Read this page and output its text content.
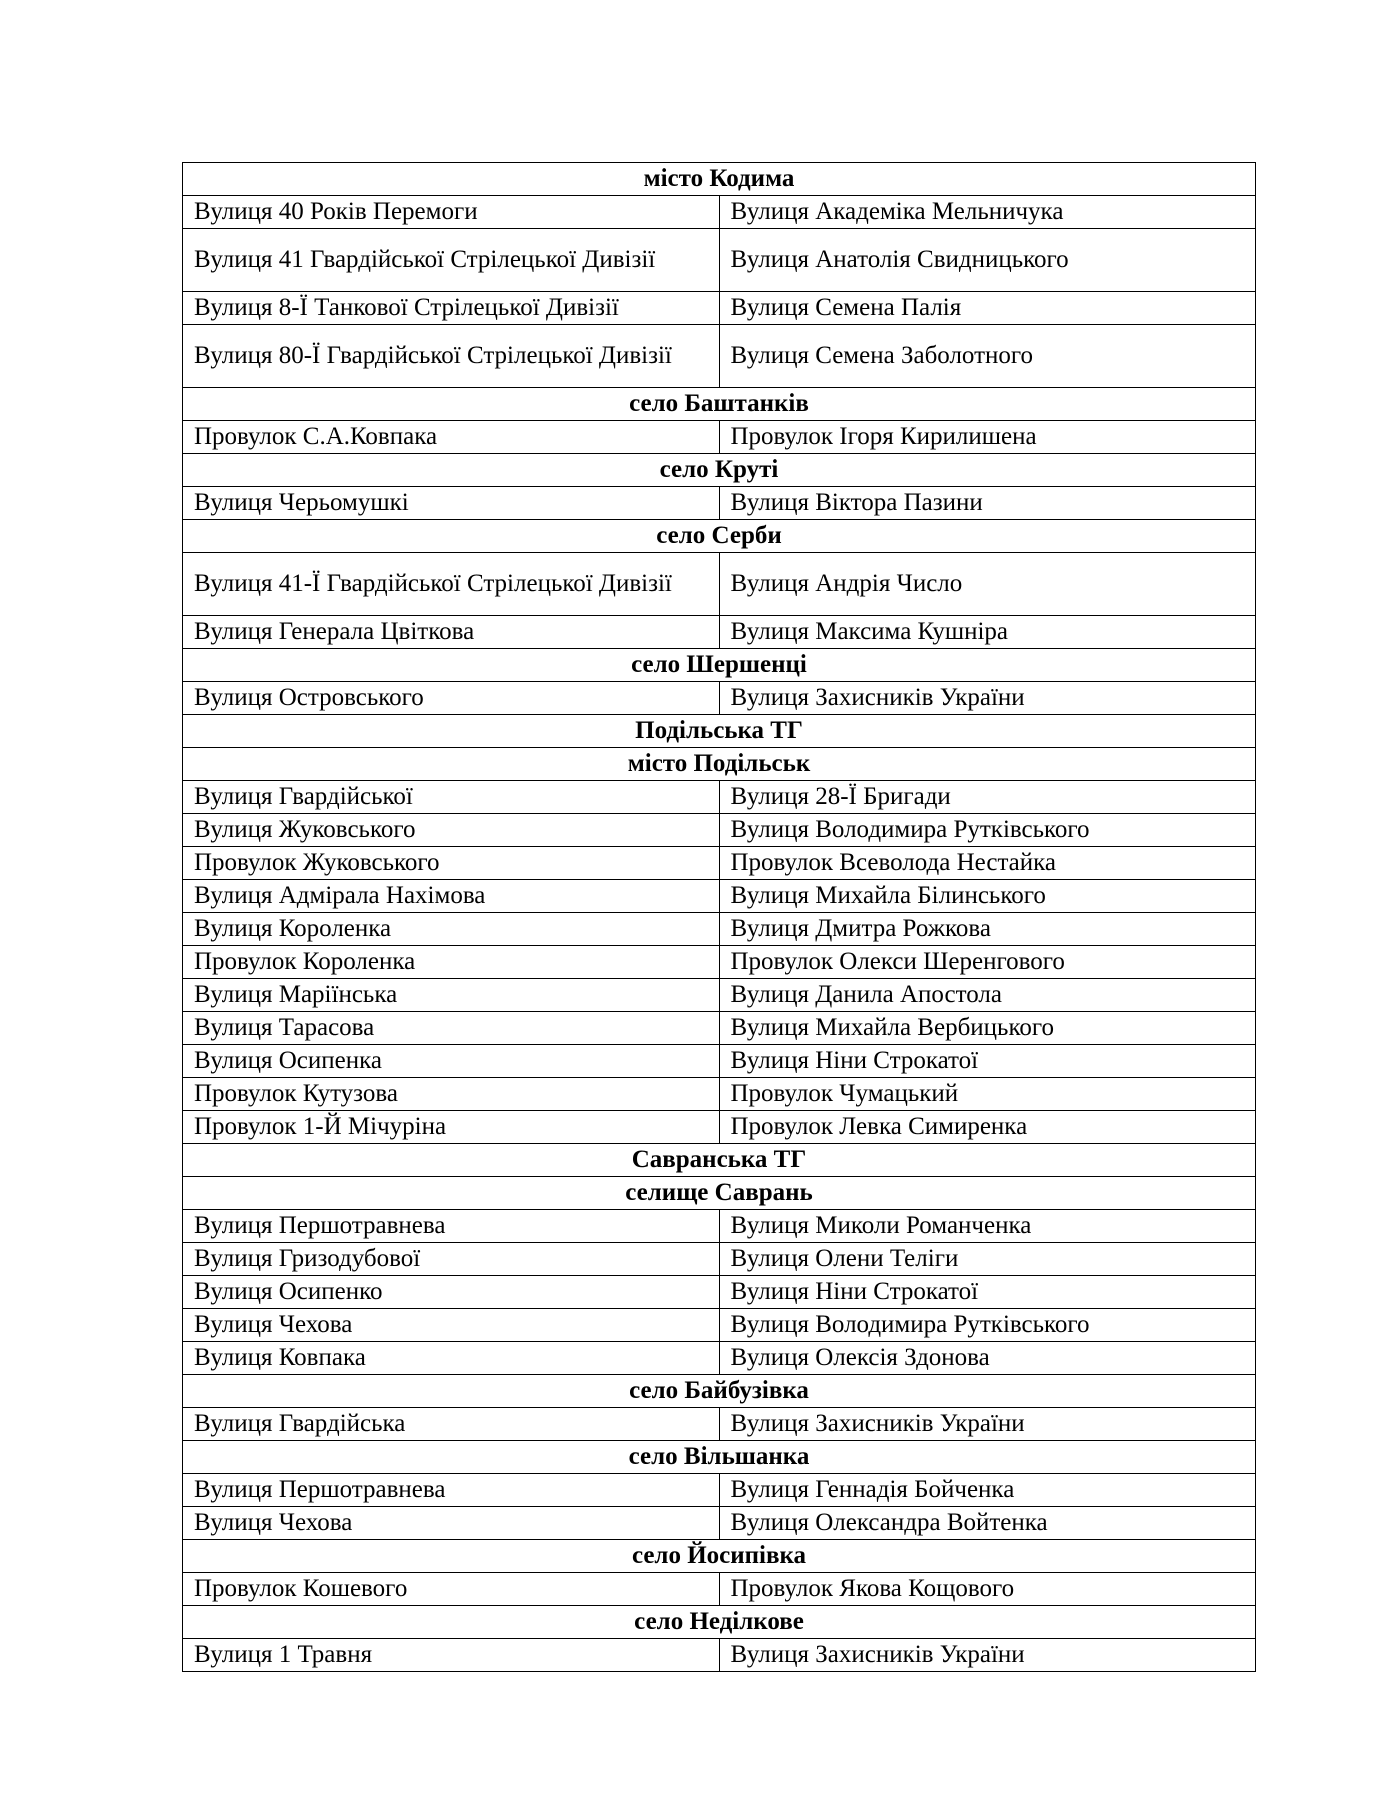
місто Кодима	
Вулиця 40 Років Перемоги	Вулиця Академіка Мельничука
Вулиця 41 Гвардійської Стрілецької Дивізії	Вулиця Анатолія Свидницького
Вулиця 8-Ї Танкової Стрілецької Дивізії	Вулиця Семена Палія
Вулиця 80-Ї Гвардійської Стрілецької Дивізії	Вулиця Семена Заболотного
село Баштанків	
Провулок С.А.Ковпака	Провулок Ігоря Кирилишена
село Круті	
Вулиця Черьомушкі	Вулиця Віктора Пазини
село Серби	
Вулиця 41-Ї Гвардійської Стрілецької Дивізії	Вулиця Андрія Число
Вулиця Генерала Цвіткова	Вулиця Максима Кушніра
село Шершенці	
Вулиця Островського	Вулиця Захисників України
Подільська ТГ	
місто Подільськ	
Вулиця Гвардійської	Вулиця 28-Ї Бригади
Вулиця Жуковського	Вулиця Володимира Рутківського
Провулок Жуковського	Провулок Всеволода Нестайка
Вулиця Адмірала Нахімова	Вулиця Михайла Білинського
Вулиця Короленка	Вулиця Дмитра Рожкова
Провулок Короленка	Провулок Олекси Шеренгового
Вулиця Маріїнська	Вулиця Данила Апостола
Вулиця Тарасова	Вулиця Михайла Вербицького
Вулиця Осипенка	Вулиця Ніни Строкатої
Провулок Кутузова	Провулок Чумацький
Провулок 1-Й Мічуріна	Провулок Левка Симиренка
Савранська ТГ	
селище Саврань	
Вулиця Першотравнева	Вулиця Миколи Романченка
Вулиця Гризодубової	Вулиця Олени Теліги
Вулиця Осипенко	Вулиця Ніни Строкатої
Вулиця Чехова	Вулиця Володимира Рутківського
Вулиця Ковпака	Вулиця Олексія Здонова
село Байбузівка	
Вулиця Гвардійська	Вулиця Захисників України
село Вільшанка	
Вулиця Першотравнева	Вулиця Геннадія Бойченка
Вулиця Чехова	Вулиця Олександра Войтенка
село Йосипівка	
Провулок Кошевого	Провулок Якова Кощового
село Неділкове	
Вулиця 1 Травня	Вулиця Захисників України
